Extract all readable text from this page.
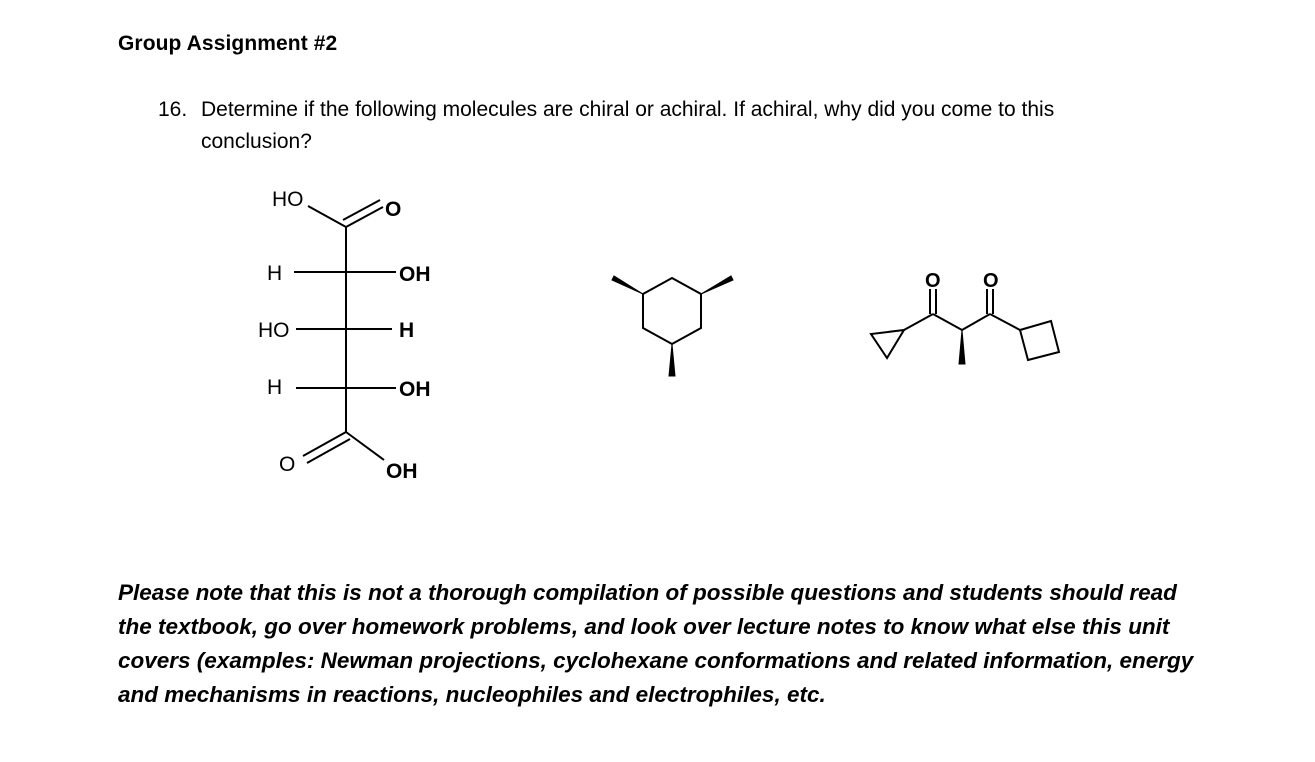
Group Assignment #2
16. Determine if the following molecules are chiral or achiral. If achiral, why did you come to this
conclusion?
HO	O
H	OH
HO	H
H	OH
O	OH
O O
Please note that this is not a thorough compilation of possible questions and students should read the textbook, go over homework problems, and look over lecture notes to know what else this unit covers (examples: Newman projections, cyclohexane conformations and related information, energy and mechanisms in reactions, nucleophiles and electrophiles, etc.
